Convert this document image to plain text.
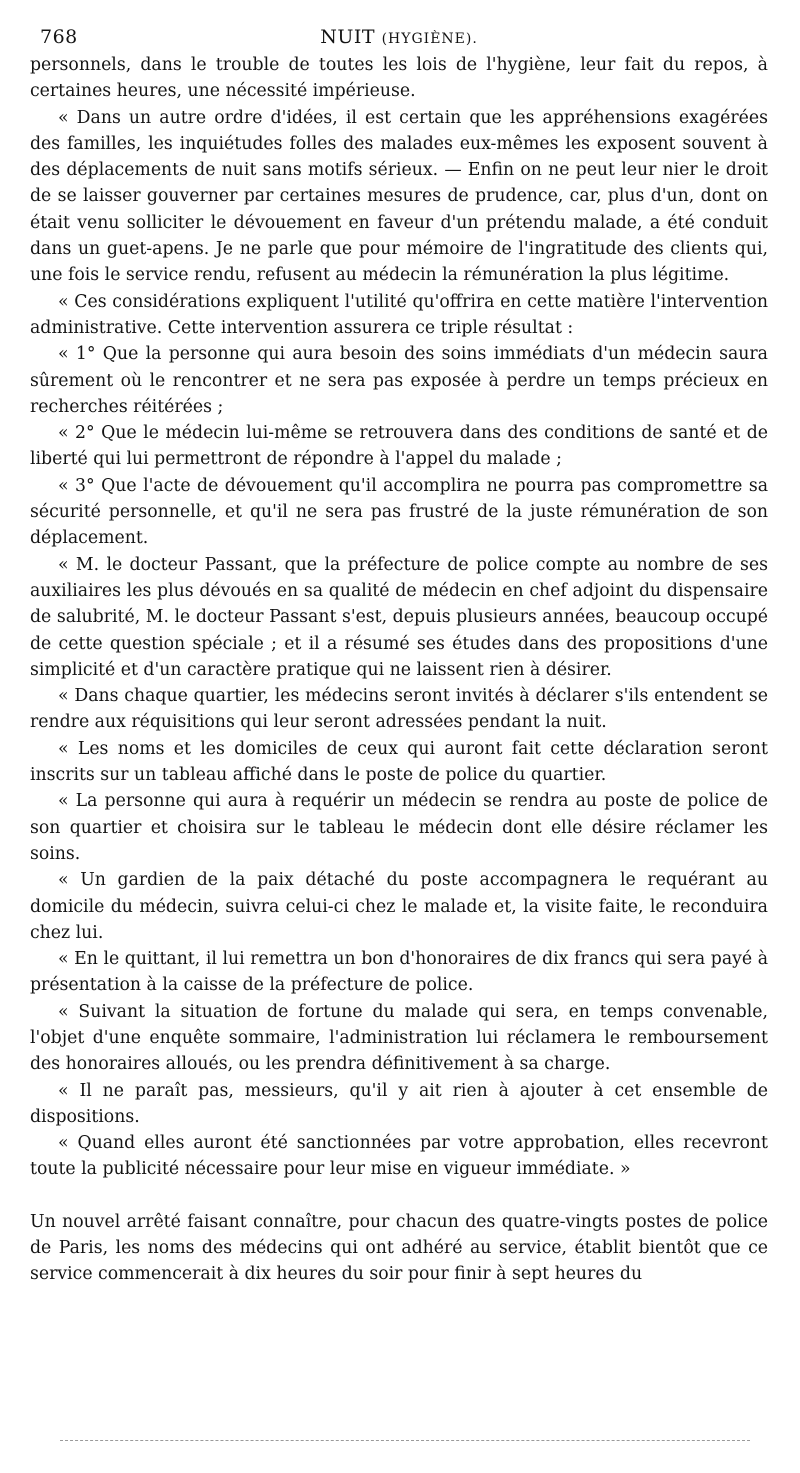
768	NUIT (HYGIÈNE).

personnels, dans le trouble de toutes les lois de l'hygiène, leur fait du repos, à certaines heures, une nécessité impérieuse.

« Dans un autre ordre d'idées, il est certain que les appréhensions exagérées des familles, les inquiétudes folles des malades eux-mêmes les exposent souvent à des déplacements de nuit sans motifs sérieux. — Enfin on ne peut leur nier le droit de se laisser gouverner par certaines mesures de prudence, car, plus d'un, dont on était venu solliciter le dévouement en faveur d'un prétendu malade, a été conduit dans un guet-apens. Je ne parle que pour mémoire de l'ingratitude des clients qui, une fois le service rendu, refusent au médecin la rémunération la plus légitime.

« Ces considérations expliquent l'utilité qu'offrira en cette matière l'intervention administrative. Cette intervention assurera ce triple résultat :

« 1° Que la personne qui aura besoin des soins immédiats d'un médecin saura sûrement où le rencontrer et ne sera pas exposée à perdre un temps précieux en recherches réitérées ;

« 2° Que le médecin lui-même se retrouvera dans des conditions de santé et de liberté qui lui permettront de répondre à l'appel du malade ;

« 3° Que l'acte de dévouement qu'il accomplira ne pourra pas compromettre sa sécurité personnelle, et qu'il ne sera pas frustré de la juste rémunération de son déplacement.

« M. le docteur Passant, que la préfecture de police compte au nombre de ses auxiliaires les plus dévoués en sa qualité de médecin en chef adjoint du dispensaire de salubrité, M. le docteur Passant s'est, depuis plusieurs années, beaucoup occupé de cette question spéciale ; et il a résumé ses études dans des propositions d'une simplicité et d'un caractère pratique qui ne laissent rien à désirer.

« Dans chaque quartier, les médecins seront invités à déclarer s'ils entendent se rendre aux réquisitions qui leur seront adressées pendant la nuit.

« Les noms et les domiciles de ceux qui auront fait cette déclaration seront inscrits sur un tableau affiché dans le poste de police du quartier.

« La personne qui aura à requérir un médecin se rendra au poste de police de son quartier et choisira sur le tableau le médecin dont elle désire réclamer les soins.

« Un gardien de la paix détaché du poste accompagnera le requérant au domicile du médecin, suivra celui-ci chez le malade et, la visite faite, le reconduira chez lui.

« En le quittant, il lui remettra un bon d'honoraires de dix francs qui sera payé à présentation à la caisse de la préfecture de police.

« Suivant la situation de fortune du malade qui sera, en temps convenable, l'objet d'une enquête sommaire, l'administration lui réclamera le remboursement des honoraires alloués, ou les prendra définitivement à sa charge.

« Il ne paraît pas, messieurs, qu'il y ait rien à ajouter à cet ensemble de dispositions.

« Quand elles auront été sanctionnées par votre approbation, elles recevront toute la publicité nécessaire pour leur mise en vigueur immédiate. »

Un nouvel arrêté faisant connaître, pour chacun des quatre-vingts postes de police de Paris, les noms des médecins qui ont adhéré au service, établit bientôt que ce service commencerait à dix heures du soir pour finir à sept heures du
